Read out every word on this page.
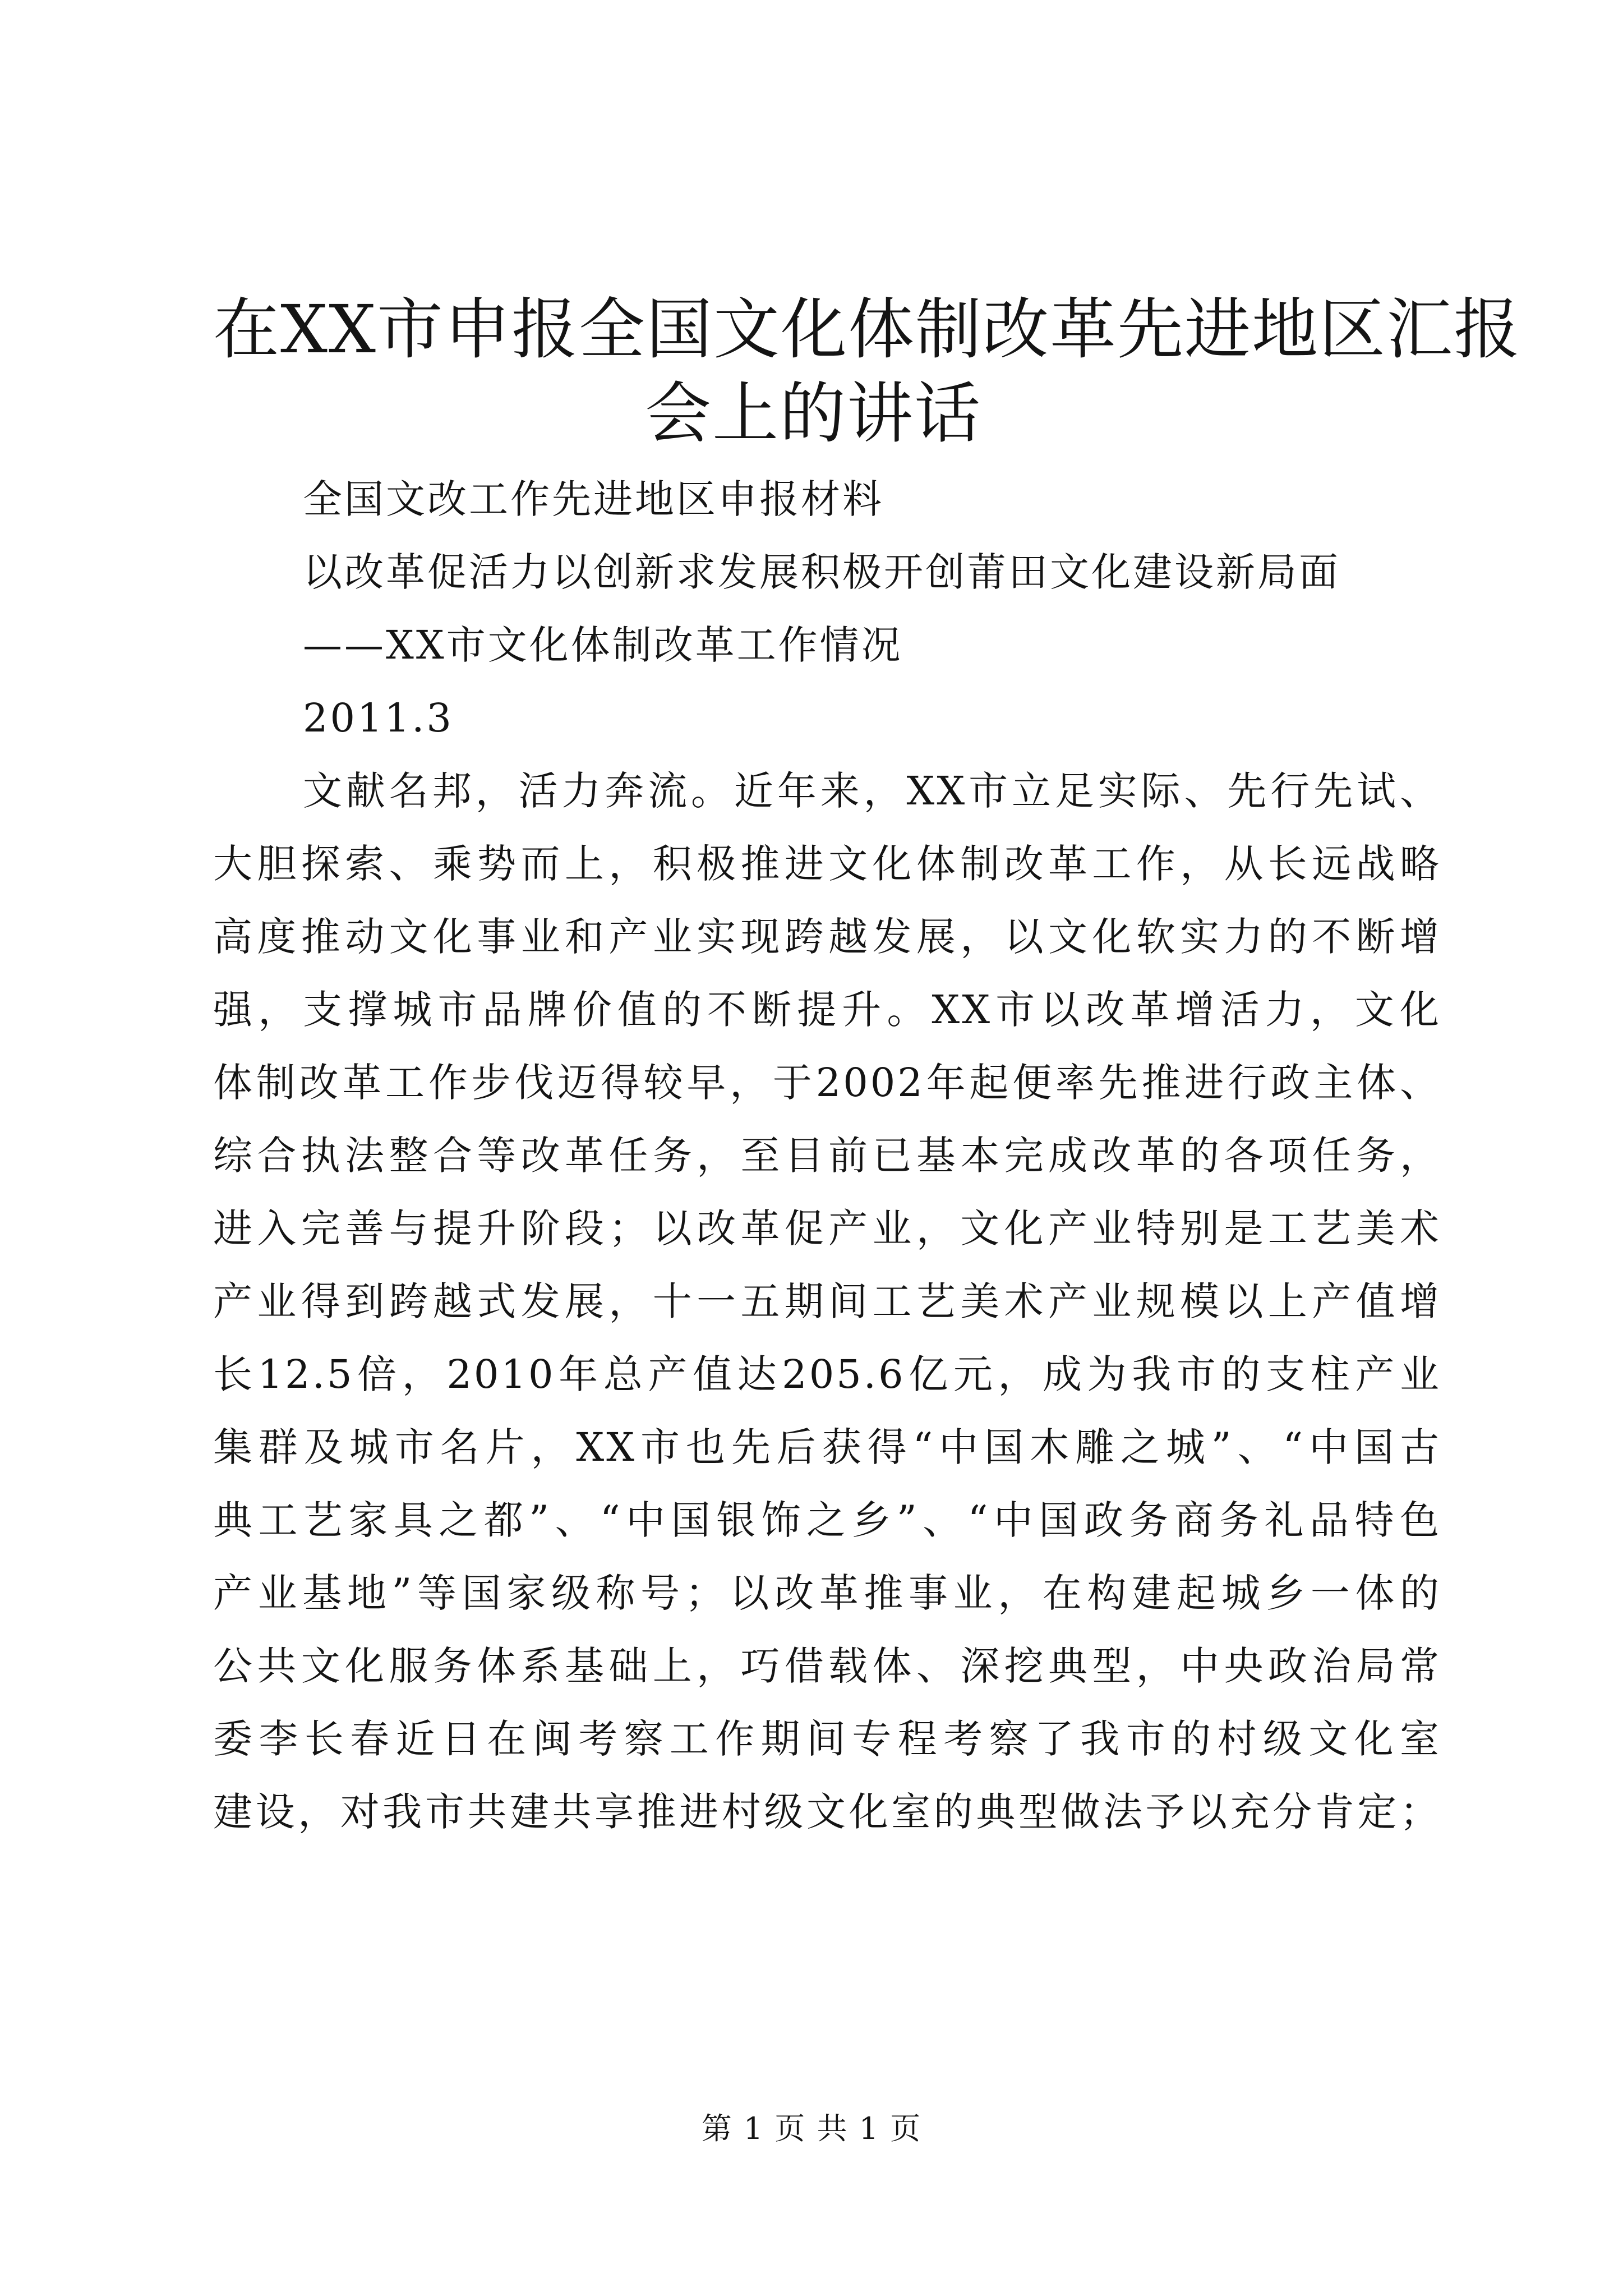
在XX市申报全国文化体制改革先进地区汇报
会上的讲话

全国文改工作先进地区申报材料

以改革促活力以创新求发展积极开创莆田文化建设新局面

——XX市文化体制改革工作情况

2011.3

文献名邦，活力奔流。近年来，XX市立足实际、先行先试、

大胆探索、乘势而上，积极推进文化体制改革工作，从长远战略

高度推动文化事业和产业实现跨越发展，以文化软实力的不断增

强，支撑城市品牌价值的不断提升。XX市以改革增活力，文化

体制改革工作步伐迈得较早，于2002年起便率先推进行政主体、

综合执法整合等改革任务，至目前已基本完成改革的各项任务，

进入完善与提升阶段；以改革促产业，文化产业特别是工艺美术

产业得到跨越式发展，十一五期间工艺美术产业规模以上产值增

长12.5倍，2010年总产值达205.6亿元，成为我市的支柱产业

集群及城市名片，XX市也先后获得“中国木雕之城”、“中国古

典工艺家具之都”、“中国银饰之乡”、“中国政务商务礼品特色

产业基地”等国家级称号；以改革推事业，在构建起城乡一体的

公共文化服务体系基础上，巧借载体、深挖典型，中央政治局常

委李长春近日在闽考察工作期间专程考察了我市的村级文化室

建设，对我市共建共享推进村级文化室的典型做法予以充分肯定；

第 1 页 共 1 页
